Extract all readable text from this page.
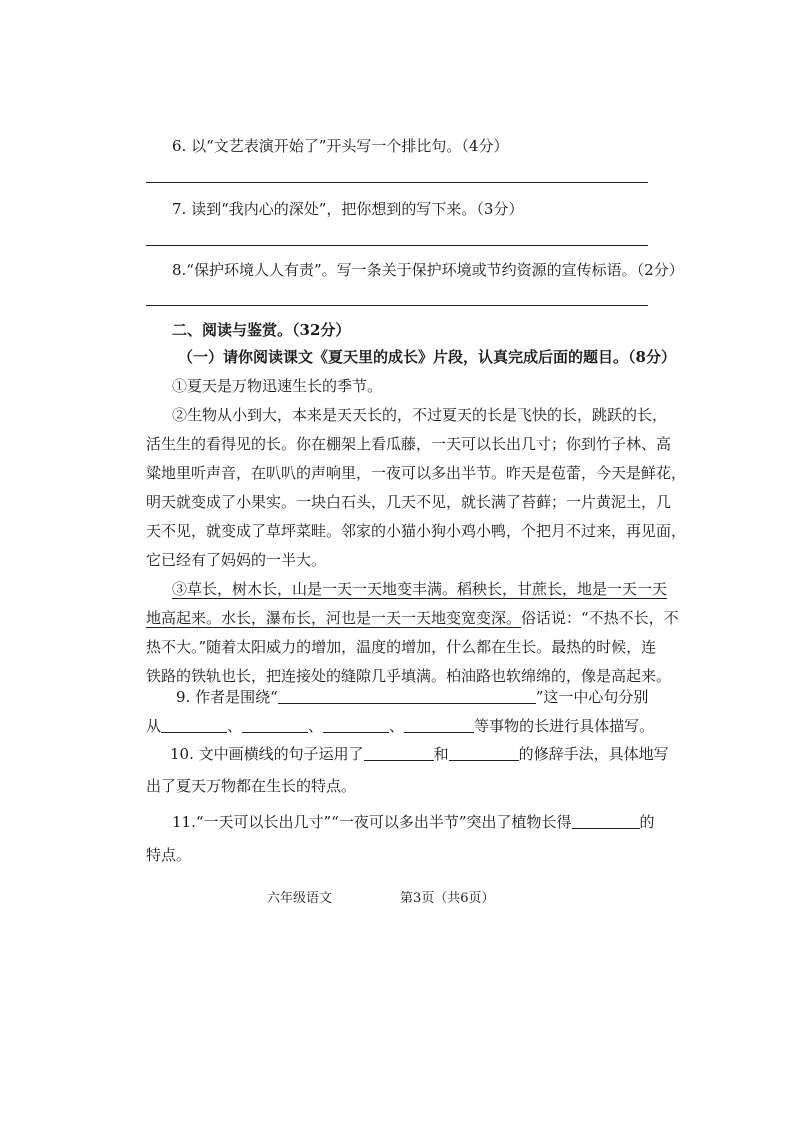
6. 以“文艺表演开始了”开头写一个排比句。（4分）
7. 读到“我内心的深处”，把你想到的写下来。（3分）
8.“保护环境人人有责”。写一条关于保护环境或节约资源的宣传标语。（2分）
二、阅读与鉴赏。（32分）
（一）请你阅读课文《夏天里的成长》片段，认真完成后面的题目。（8分）
①夏天是万物迅速生长的季节。
②生物从小到大，本来是天天长的，不过夏天的长是飞快的长，跳跃的长，
活生生的看得见的长。你在棚架上看瓜藤，一天可以长出几寸；你到竹子林、高
粱地里听声音，在叭叭的声响里，一夜可以多出半节。昨天是苞蕾，今天是鲜花，
明天就变成了小果实。一块白石头，几天不见，就长满了苔藓；一片黄泥土，几
天不见，就变成了草坪菜畦。邻家的小猫小狗小鸡小鸭，个把月不过来，再见面，
它已经有了妈妈的一半大。
③草长，树木长，山是一天一天地变丰满。稻秧长，甘蔗长，地是一天一天
地高起来。水长，瀑布长，河也是一天一天地变宽变深。俗话说：“不热不长，不
热不大。”随着太阳威力的增加，温度的增加，什么都在生长。最热的时候，连
铁路的铁轨也长，把连接处的缝隙几乎填满。柏油路也软绵绵的，像是高起来。
9. 作者是围绕“	”这一中心句分别
从	、	、	、	等事物的长进行具体描写。
10. 文中画横线的句子运用了	和	的修辞手法，具体地写
出了夏天万物都在生长的特点。
11.“一天可以长出几寸”“一夜可以多出半节”突出了植物长得	的
特点。
六年级语文	第3页（共6页）
